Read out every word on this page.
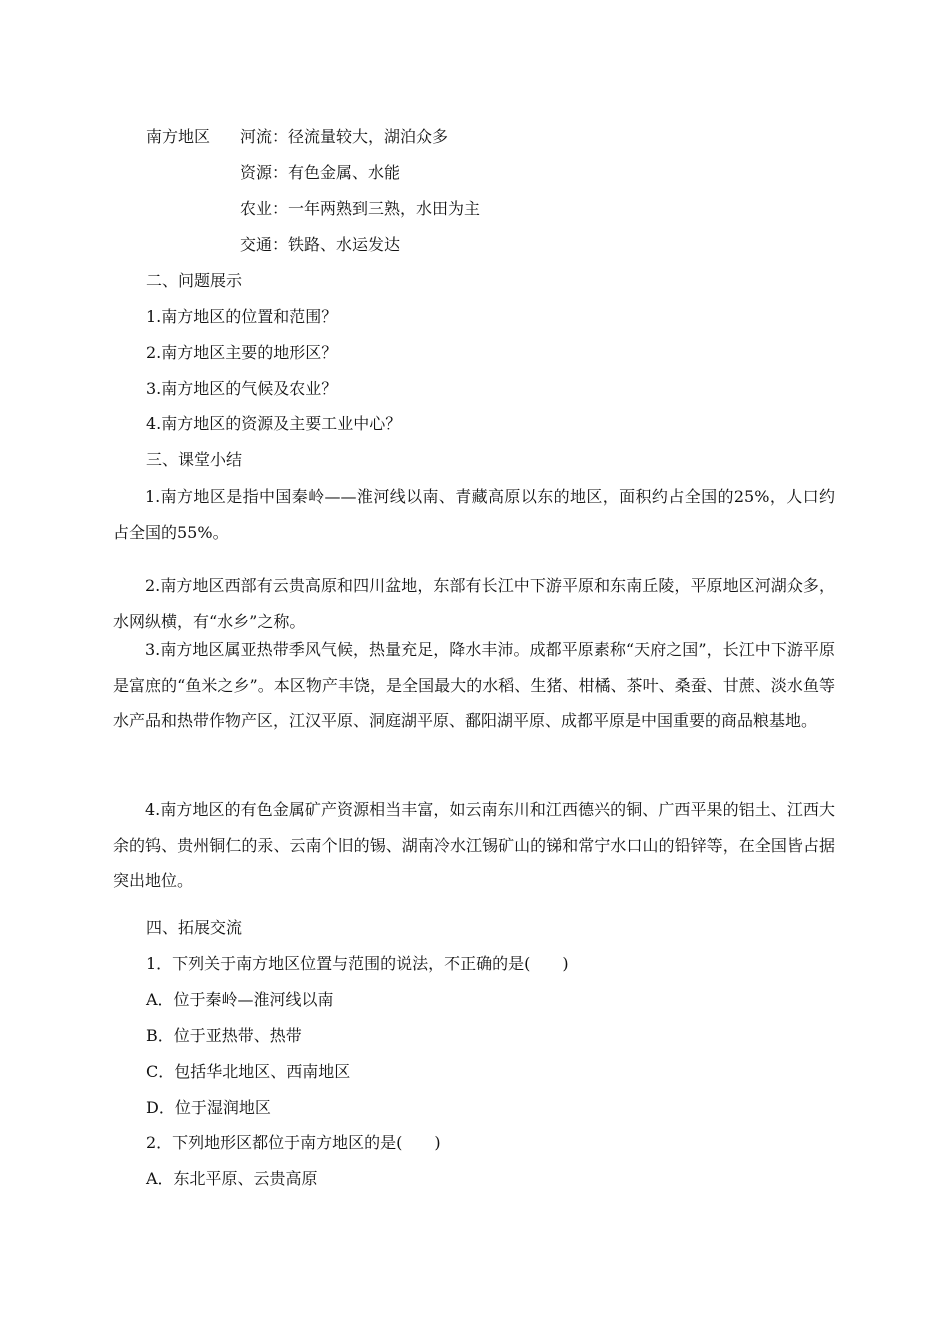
南方地区 河流：径流量较大，湖泊众多
资源：有色金属、水能
农业：一年两熟到三熟，水田为主
交通：铁路、水运发达
二、问题展示
1.南方地区的位置和范围？
2.南方地区主要的地形区？
3.南方地区的气候及农业？
4.南方地区的资源及主要工业中心？
三、课堂小结
1.南方地区是指中国秦岭——淮河线以南、青藏高原以东的地区，面积约占全国的25%，人口约占全国的55%。
2.南方地区西部有云贵高原和四川盆地，东部有长江中下游平原和东南丘陵，平原地区河湖众多，水网纵横，有“水乡”之称。
3.南方地区属亚热带季风气候，热量充足，降水丰沛。成都平原素称“天府之国”，长江中下游平原是富庶的“鱼米之乡”。本区物产丰饶，是全国最大的水稻、生猪、柑橘、茶叶、桑蚕、甘蔗、淡水鱼等水产品和热带作物产区，江汉平原、洞庭湖平原、鄱阳湖平原、成都平原是中国重要的商品粮基地。
4.南方地区的有色金属矿产资源相当丰富，如云南东川和江西德兴的铜、广西平果的铝土、江西大余的钨、贵州铜仁的汞、云南个旧的锡、湖南冷水江锡矿山的锑和常宁水口山的铅锌等，在全国皆占据突出地位。
四、拓展交流
1．下列关于南方地区位置与范围的说法，不正确的是(　　)
A．位于秦岭—淮河线以南
B．位于亚热带、热带
C．包括华北地区、西南地区
D．位于湿润地区
2．下列地形区都位于南方地区的是(　　)
A．东北平原、云贵高原
